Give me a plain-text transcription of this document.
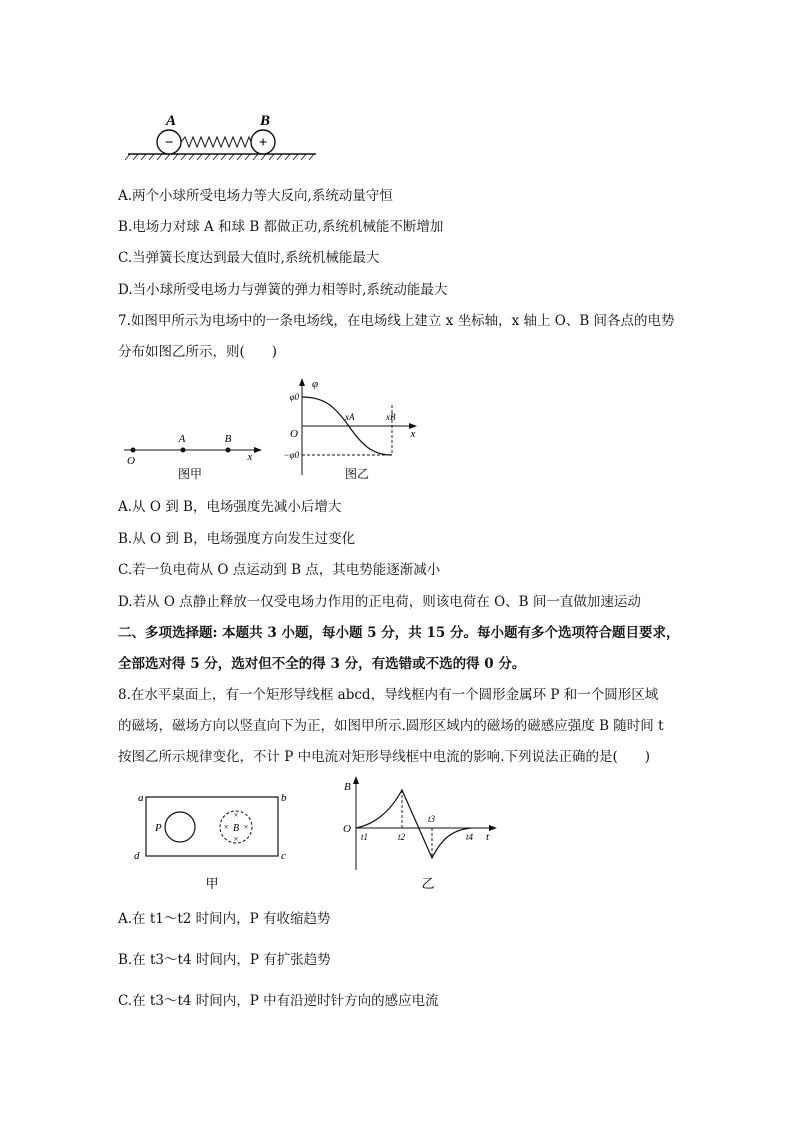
−	+
A	B
A.两个小球所受电场力等大反向,系统动量守恒
B.电场力对球 A 和球 B 都做正功,系统机械能不断增加
C.当弹簧长度达到最大值时,系统机械能最大
D.当小球所受电场力与弹簧的弹力相等时,系统动能最大
7.如图甲所示为电场中的一条电场线，在电场线上建立 x 坐标轴，x 轴上 O、B 间各点的电势
分布如图乙所示，则(　　)
O
A	B
x
图甲
φ
φ0
O
−φ0
xA	xB
x
图乙
A.从 O 到 B，电场强度先减小后增大
B.从 O 到 B，电场强度方向发生过变化
C.若一负电荷从 O 点运动到 B 点，其电势能逐渐减小
D.若从 O 点静止释放一仅受电场力作用的正电荷，则该电荷在 O、B 间一直做加速运动
二、多项选择题: 本题共 3 小题，每小题 5 分，共 15 分。每小题有多个选项符合题目要求，
全部选对得 5 分，选对但不全的得 3 分，有选错或不选的得 0 分。
8.在水平桌面上，有一个矩形导线框 abcd，导线框内有一个圆形金属环 P 和一个圆形区域
的磁场，磁场方向以竖直向下为正，如图甲所示.圆形区域内的磁场的磁感应强度 B 随时间 t
按图乙所示规律变化，不计 P 中电流对矩形导线框中电流的影响.下列说法正确的是(　　)
×
× ×
×
a	b
d	c
P	B
甲
B
O
t1	t2
t3
t4 t
乙
A.在 t1～t2 时间内，P 有收缩趋势
B.在 t3～t4 时间内，P 有扩张趋势
C.在 t3～t4 时间内，P 中有沿逆时针方向的感应电流
